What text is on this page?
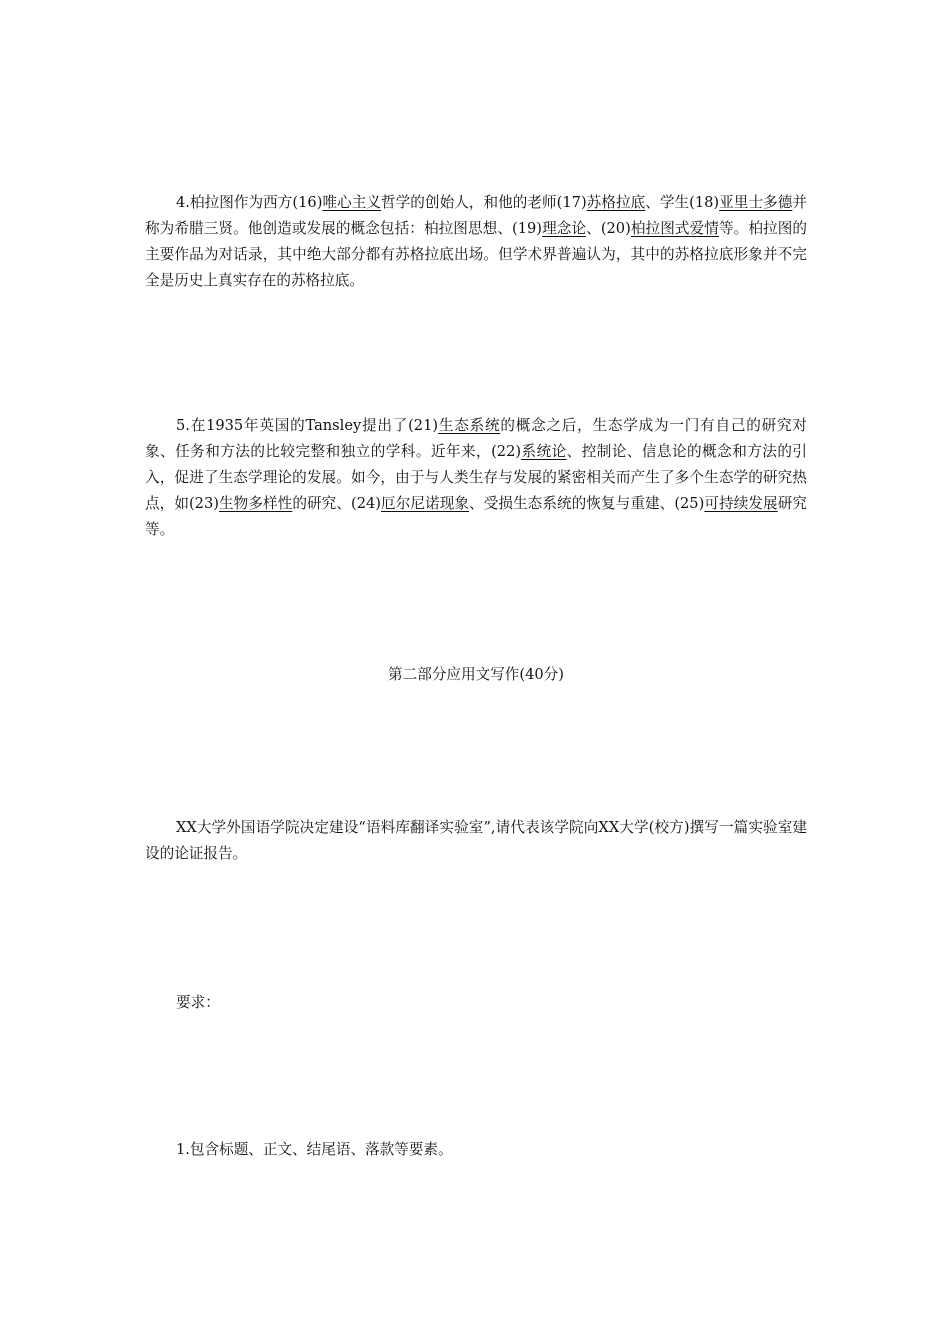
4.柏拉图作为西方(16)唯心主义哲学的创始人，和他的老师(17)苏格拉底、学生(18)亚里士多德并称为希腊三贤。他创造或发展的概念包括：柏拉图思想、(19)理念论、(20)柏拉图式爱情等。柏拉图的主要作品为对话录，其中绝大部分都有苏格拉底出场。但学术界普遍认为，其中的苏格拉底形象并不完全是历史上真实存在的苏格拉底。

5.在1935年英国的Tansley提出了(21)生态系统的概念之后，生态学成为一门有自己的研究对象、任务和方法的比较完整和独立的学科。近年来，(22)系统论、控制论、信息论的概念和方法的引入，促进了生态学理论的发展。如今，由于与人类生存与发展的紧密相关而产生了多个生态学的研究热点，如(23)生物多样性的研究、(24)厄尔尼诺现象、受损生态系统的恢复与重建、(25)可持续发展研究等。

第二部分应用文写作(40分)

XX大学外国语学院决定建设“语料库翻译实验室”,请代表该学院向XX大学(校方)撰写一篇实验室建设的论证报告。

要求：

1.包含标题、正文、结尾语、落款等要素。
